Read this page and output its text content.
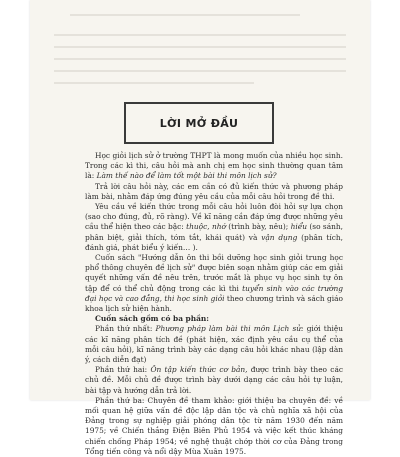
LỜI MỞ ĐẦU

Học giỏi lịch sử ở trường THPT là mong muốn của nhiều học sinh. Trong các kì thi, câu hỏi mà anh chị em học sinh thường quan tâm là: Làm thế nào để làm tốt một bài thi môn lịch sử?

Trả lời câu hỏi này, các em cần có đủ kiến thức và phương pháp làm bài, nhằm đáp ứng đúng yêu cầu của mỗi câu hỏi trong đề thi.

Yêu cầu về kiến thức trong mỗi câu hỏi luôn đòi hỏi sự lựa chọn (sao cho đúng, đủ, rõ ràng). Về kĩ năng cần đáp ứng được những yêu cầu thể hiện theo các bậc: thuộc, nhớ (trình bày, nêu); hiểu (so sánh, phân biệt, giải thích, tóm tắt, khái quát) và vận dụng (phân tích, đánh giá, phát biểu ý kiến… ).

Cuốn sách "Hướng dẫn ôn thi bồi dưỡng học sinh giỏi trung học phổ thông chuyên đề lịch sử" được biên soạn nhằm giúp các em giải quyết những vấn đề nêu trên, trước mắt là phục vụ học sinh tự ôn tập để có thể chủ động trong các kì thi tuyển sinh vào các trường đại học và cao đẳng, thi học sinh giỏi theo chương trình và sách giáo khoa lịch sử hiện hành.

Cuốn sách gồm có ba phần:

Phần thứ nhất: Phương pháp làm bài thi môn Lịch sử: giới thiệu các kĩ năng phân tích đề (phát hiện, xác định yêu cầu cụ thể của mỗi câu hỏi), kĩ năng trình bày các dạng câu hỏi khác nhau (lập dàn ý, cách diễn đạt)

Phần thứ hai: Ôn tập kiến thức cơ bản, được trình bày theo các chủ đề. Mỗi chủ đề được trình bày dưới dạng các câu hỏi tự luận, bài tập và hướng dẫn trả lời.

Phần thứ ba: Chuyên đề tham khảo: giới thiệu ba chuyên đề: về mối quan hệ giữa vấn đề độc lập dân tộc và chủ nghĩa xã hội của Đảng trong sự nghiệp giải phóng dân tộc từ năm 1930 đến năm 1975; về Chiến thắng Điện Biên Phủ 1954 và việc kết thúc kháng chiến chống Pháp 1954; về nghệ thuật chớp thời cơ của Đảng trong Tổng tiến công và nổi dậy Mùa Xuân 1975.
